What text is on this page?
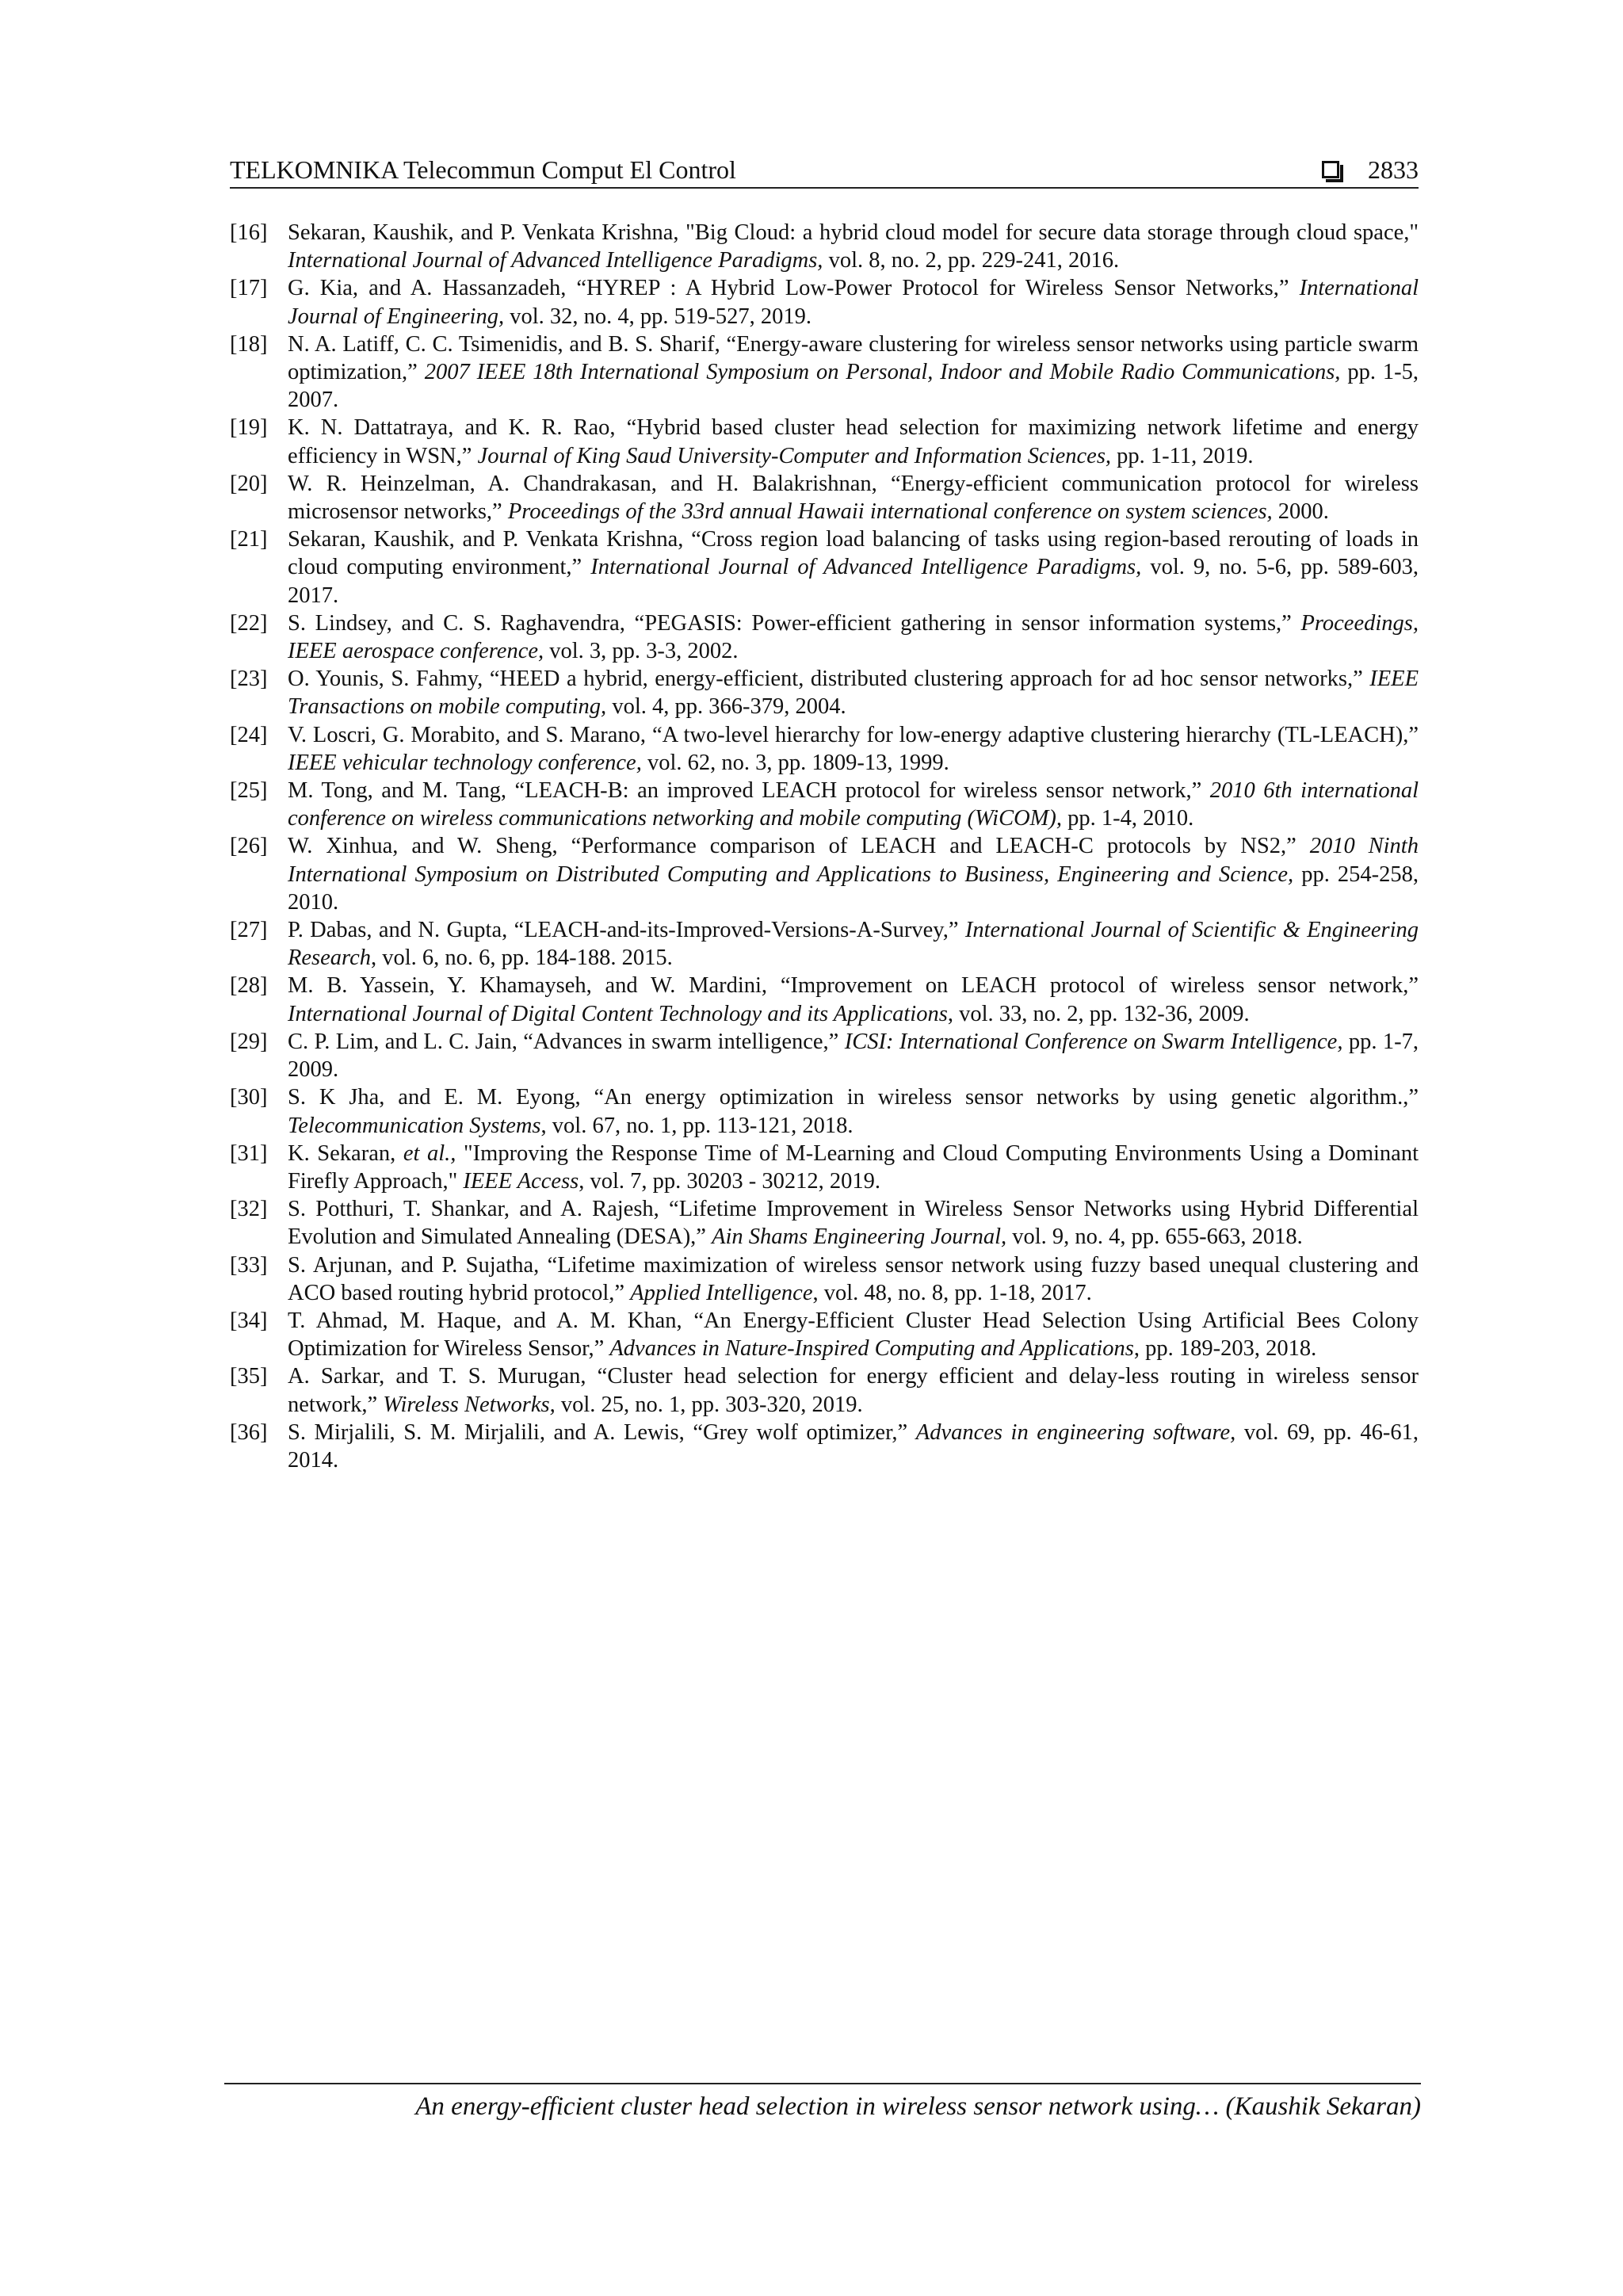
TELKOMNIKA Telecommun Comput El Control	2833
[16] Sekaran, Kaushik, and P. Venkata Krishna, "Big Cloud: a hybrid cloud model for secure data storage through cloud space," International Journal of Advanced Intelligence Paradigms, vol. 8, no. 2, pp. 229-241, 2016.
[17] G. Kia, and A. Hassanzadeh, “HYREP : A Hybrid Low-Power Protocol for Wireless Sensor Networks,” International Journal of Engineering, vol. 32, no. 4, pp. 519-527, 2019.
[18] N. A. Latiff, C. C. Tsimenidis, and B. S. Sharif, “Energy-aware clustering for wireless sensor networks using particle swarm optimization,” 2007 IEEE 18th International Symposium on Personal, Indoor and Mobile Radio Communications, pp. 1-5, 2007.
[19] K. N. Dattatraya, and K. R. Rao, “Hybrid based cluster head selection for maximizing network lifetime and energy efficiency in WSN,” Journal of King Saud University-Computer and Information Sciences, pp. 1-11, 2019.
[20] W. R. Heinzelman, A. Chandrakasan, and H. Balakrishnan, “Energy-efficient communication protocol for wireless microsensor networks,” Proceedings of the 33rd annual Hawaii international conference on system sciences, 2000.
[21] Sekaran, Kaushik, and P. Venkata Krishna, “Cross region load balancing of tasks using region-based rerouting of loads in cloud computing environment,” International Journal of Advanced Intelligence Paradigms, vol. 9, no. 5-6, pp. 589-603, 2017.
[22] S. Lindsey, and C. S. Raghavendra, “PEGASIS: Power-efficient gathering in sensor information systems,” Proceedings, IEEE aerospace conference, vol. 3, pp. 3-3, 2002.
[23] O. Younis, S. Fahmy, “HEED a hybrid, energy-efficient, distributed clustering approach for ad hoc sensor networks,” IEEE Transactions on mobile computing, vol. 4, pp. 366-379, 2004.
[24] V. Loscri, G. Morabito, and S. Marano, “A two-level hierarchy for low-energy adaptive clustering hierarchy (TL-LEACH),” IEEE vehicular technology conference, vol. 62, no. 3, pp. 1809-13, 1999.
[25] M. Tong, and M. Tang, “LEACH-B: an improved LEACH protocol for wireless sensor network,” 2010 6th international conference on wireless communications networking and mobile computing (WiCOM), pp. 1-4, 2010.
[26] W. Xinhua, and W. Sheng, “Performance comparison of LEACH and LEACH-C protocols by NS2,” 2010 Ninth International Symposium on Distributed Computing and Applications to Business, Engineering and Science, pp. 254-258, 2010.
[27] P. Dabas, and N. Gupta, “LEACH-and-its-Improved-Versions-A-Survey,” International Journal of Scientific & Engineering Research, vol. 6, no. 6, pp. 184-188. 2015.
[28] M. B. Yassein, Y. Khamayseh, and W. Mardini, “Improvement on LEACH protocol of wireless sensor network,” International Journal of Digital Content Technology and its Applications, vol. 33, no. 2, pp. 132-36, 2009.
[29] C. P. Lim, and L. C. Jain, “Advances in swarm intelligence,” ICSI: International Conference on Swarm Intelligence, pp. 1-7, 2009.
[30] S. K Jha, and E. M. Eyong, “An energy optimization in wireless sensor networks by using genetic algorithm.,” Telecommunication Systems, vol. 67, no. 1, pp. 113-121, 2018.
[31] K. Sekaran, et al., "Improving the Response Time of M-Learning and Cloud Computing Environments Using a Dominant Firefly Approach," IEEE Access, vol. 7, pp. 30203 - 30212, 2019.
[32] S. Potthuri, T. Shankar, and A. Rajesh, “Lifetime Improvement in Wireless Sensor Networks using Hybrid Differential Evolution and Simulated Annealing (DESA),” Ain Shams Engineering Journal, vol. 9, no. 4, pp. 655-663, 2018.
[33] S. Arjunan, and P. Sujatha, “Lifetime maximization of wireless sensor network using fuzzy based unequal clustering and ACO based routing hybrid protocol,” Applied Intelligence, vol. 48, no. 8, pp. 1-18, 2017.
[34] T. Ahmad, M. Haque, and A. M. Khan, “An Energy-Efficient Cluster Head Selection Using Artificial Bees Colony Optimization for Wireless Sensor,” Advances in Nature-Inspired Computing and Applications, pp. 189-203, 2018.
[35] A. Sarkar, and T. S. Murugan, “Cluster head selection for energy efficient and delay-less routing in wireless sensor network,” Wireless Networks, vol. 25, no. 1, pp. 303-320, 2019.
[36] S. Mirjalili, S. M. Mirjalili, and A. Lewis, “Grey wolf optimizer,” Advances in engineering software, vol. 69, pp. 46-61, 2014.
An energy-efficient cluster head selection in wireless sensor network using… (Kaushik Sekaran)
